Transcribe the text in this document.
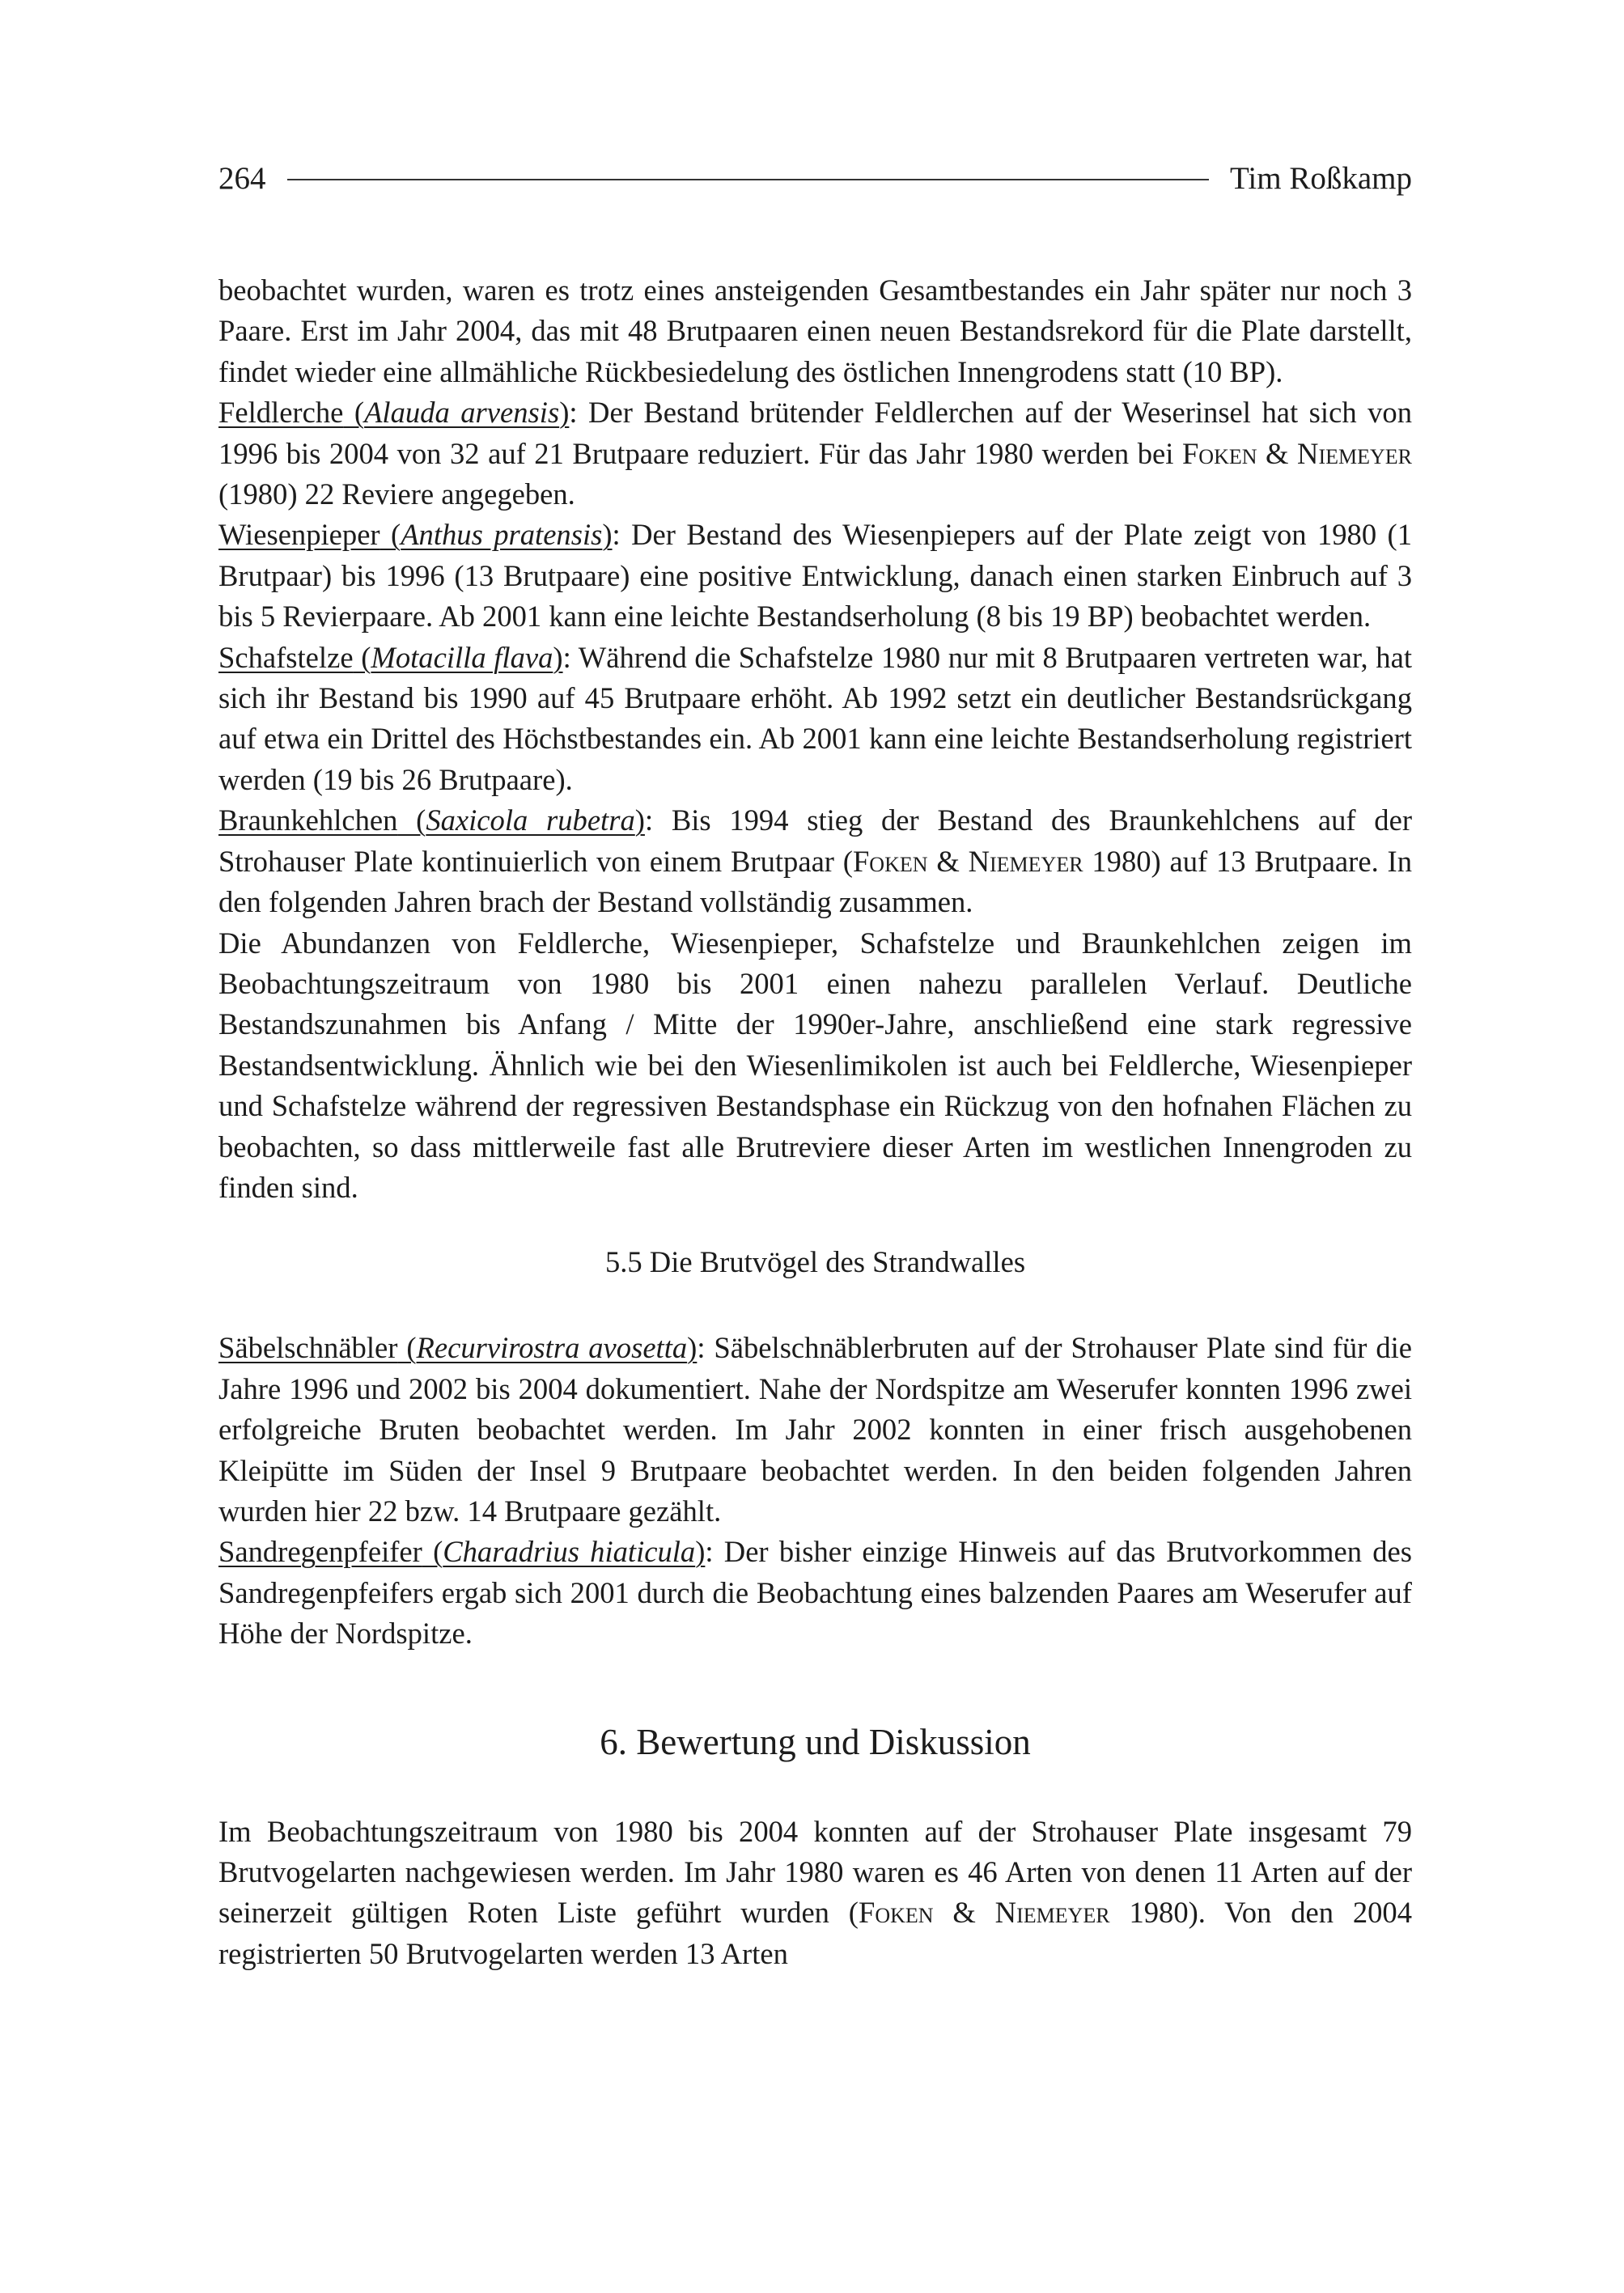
264	Tim Roßkamp

beobachtet wurden, waren es trotz eines ansteigenden Gesamtbestandes ein Jahr später nur noch 3 Paare. Erst im Jahr 2004, das mit 48 Brutpaaren einen neuen Bestandsrekord für die Plate darstellt, findet wieder eine allmähliche Rückbesiedelung des östlichen Innengrodens statt (10 BP).

Feldlerche (Alauda arvensis): Der Bestand brütender Feldlerchen auf der Weserinsel hat sich von 1996 bis 2004 von 32 auf 21 Brutpaare reduziert. Für das Jahr 1980 werden bei Foken & Niemeyer (1980) 22 Reviere angegeben.

Wiesenpieper (Anthus pratensis): Der Bestand des Wiesenpiepers auf der Plate zeigt von 1980 (1 Brutpaar) bis 1996 (13 Brutpaare) eine positive Entwicklung, danach einen starken Einbruch auf 3 bis 5 Revierpaare. Ab 2001 kann eine leichte Bestandserholung (8 bis 19 BP) beobachtet werden.

Schafstelze (Motacilla flava): Während die Schafstelze 1980 nur mit 8 Brutpaaren vertreten war, hat sich ihr Bestand bis 1990 auf 45 Brutpaare erhöht. Ab 1992 setzt ein deutlicher Bestandsrückgang auf etwa ein Drittel des Höchstbestandes ein. Ab 2001 kann eine leichte Bestandserholung registriert werden (19 bis 26 Brutpaare).

Braunkehlchen (Saxicola rubetra): Bis 1994 stieg der Bestand des Braunkehlchens auf der Strohauser Plate kontinuierlich von einem Brutpaar (Foken & Niemeyer 1980) auf 13 Brutpaare. In den folgenden Jahren brach der Bestand vollständig zusammen.

Die Abundanzen von Feldlerche, Wiesenpieper, Schafstelze und Braunkehlchen zeigen im Beobachtungszeitraum von 1980 bis 2001 einen nahezu parallelen Verlauf. Deutliche Bestandszunahmen bis Anfang / Mitte der 1990er-Jahre, anschließend eine stark regressive Bestandsentwicklung. Ähnlich wie bei den Wiesenlimikolen ist auch bei Feldlerche, Wiesenpieper und Schafstelze während der regressiven Bestandsphase ein Rückzug von den hofnahen Flächen zu beobachten, so dass mittlerweile fast alle Brutreviere dieser Arten im westlichen Innengroden zu finden sind.

5.5 Die Brutvögel des Strandwalles

Säbelschnäbler (Recurvirostra avosetta): Säbelschnäblerbruten auf der Strohauser Plate sind für die Jahre 1996 und 2002 bis 2004 dokumentiert. Nahe der Nordspitze am Weserufer konnten 1996 zwei erfolgreiche Bruten beobachtet werden. Im Jahr 2002 konnten in einer frisch ausgehobenen Kleipütte im Süden der Insel 9 Brutpaare beobachtet werden. In den beiden folgenden Jahren wurden hier 22 bzw. 14 Brutpaare gezählt.

Sandregenpfeifer (Charadrius hiaticula): Der bisher einzige Hinweis auf das Brutvorkommen des Sandregenpfeifers ergab sich 2001 durch die Beobachtung eines balzenden Paares am Weserufer auf Höhe der Nordspitze.

6. Bewertung und Diskussion

Im Beobachtungszeitraum von 1980 bis 2004 konnten auf der Strohauser Plate insgesamt 79 Brutvogelarten nachgewiesen werden. Im Jahr 1980 waren es 46 Arten von denen 11 Arten auf der seinerzeit gültigen Roten Liste geführt wurden (Foken & Niemeyer 1980). Von den 2004 registrierten 50 Brutvogelarten werden 13 Arten
